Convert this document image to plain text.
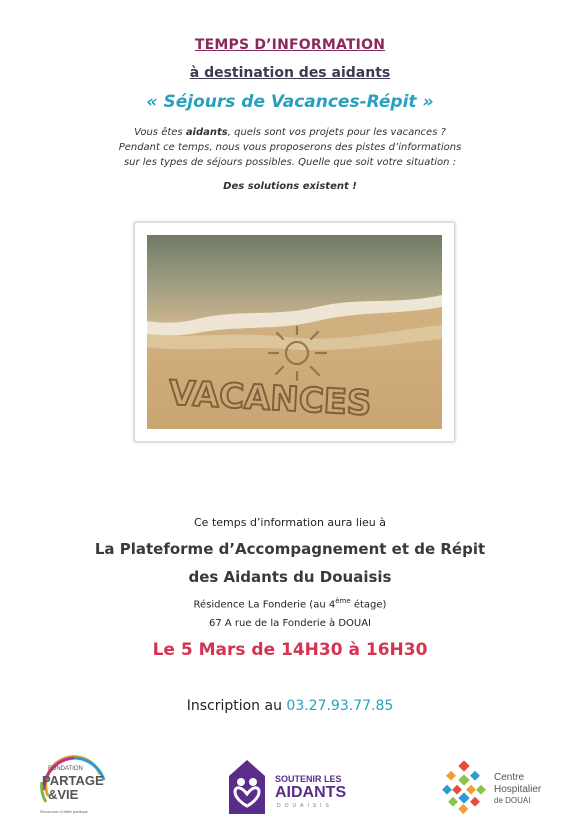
TEMPS D’INFORMATION
à destination des aidants
« Séjours de Vacances-Répit »
Vous êtes aidants, quels sont vos projets pour les vacances ?
Pendant ce temps, nous vous proposerons des pistes d’informations
sur les types de séjours possibles. Quelle que soit votre situation :
Des solutions existent !
VACANCES
Ce temps d’information aura lieu à
La Plateforme d’Accompagnement et de Répit
des Aidants du Douaisis
Résidence La Fonderie (au 4ème étage)
67 A rue de la Fonderie à DOUAI
Le 5 Mars de 14H30 à 16H30
Inscription au 03.27.93.77.85
FONDATION
PARTAGE
&VIE
Reconnue d’utilité publique
SOUTENIR LES
AIDANTS
DOUAISIS
Centre
Hospitalier
de DOUAI
